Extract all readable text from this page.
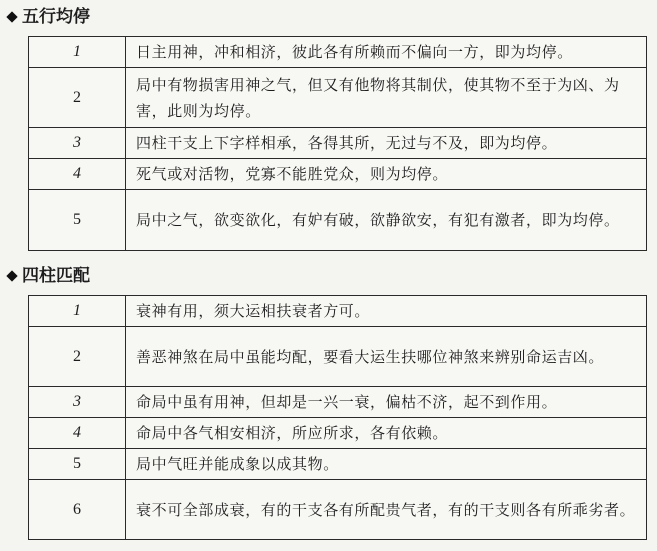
五行均停
1	日主用神，冲和相济，彼此各有所赖而不偏向一方，即为均停。
2	局中有物损害用神之气，但又有他物将其制伏，使其物不至于为凶、为害，此则为均停。
3	四柱干支上下字样相承，各得其所，无过与不及，即为均停。
4	死气或对活物，党寡不能胜党众，则为均停。
5	局中之气，欲变欲化，有妒有破，欲静欲安，有犯有激者，即为均停。
四柱匹配
1	衰神有用，须大运相扶衰者方可。
2	善恶神煞在局中虽能均配，要看大运生扶哪位神煞来辨别命运吉凶。
3	命局中虽有用神，但却是一兴一衰，偏枯不济，起不到作用。
4	命局中各气相安相济，所应所求，各有依赖。
5	局中气旺并能成象以成其物。
6	衰不可全部成衰，有的干支各有所配贵气者，有的干支则各有所乖劣者。
